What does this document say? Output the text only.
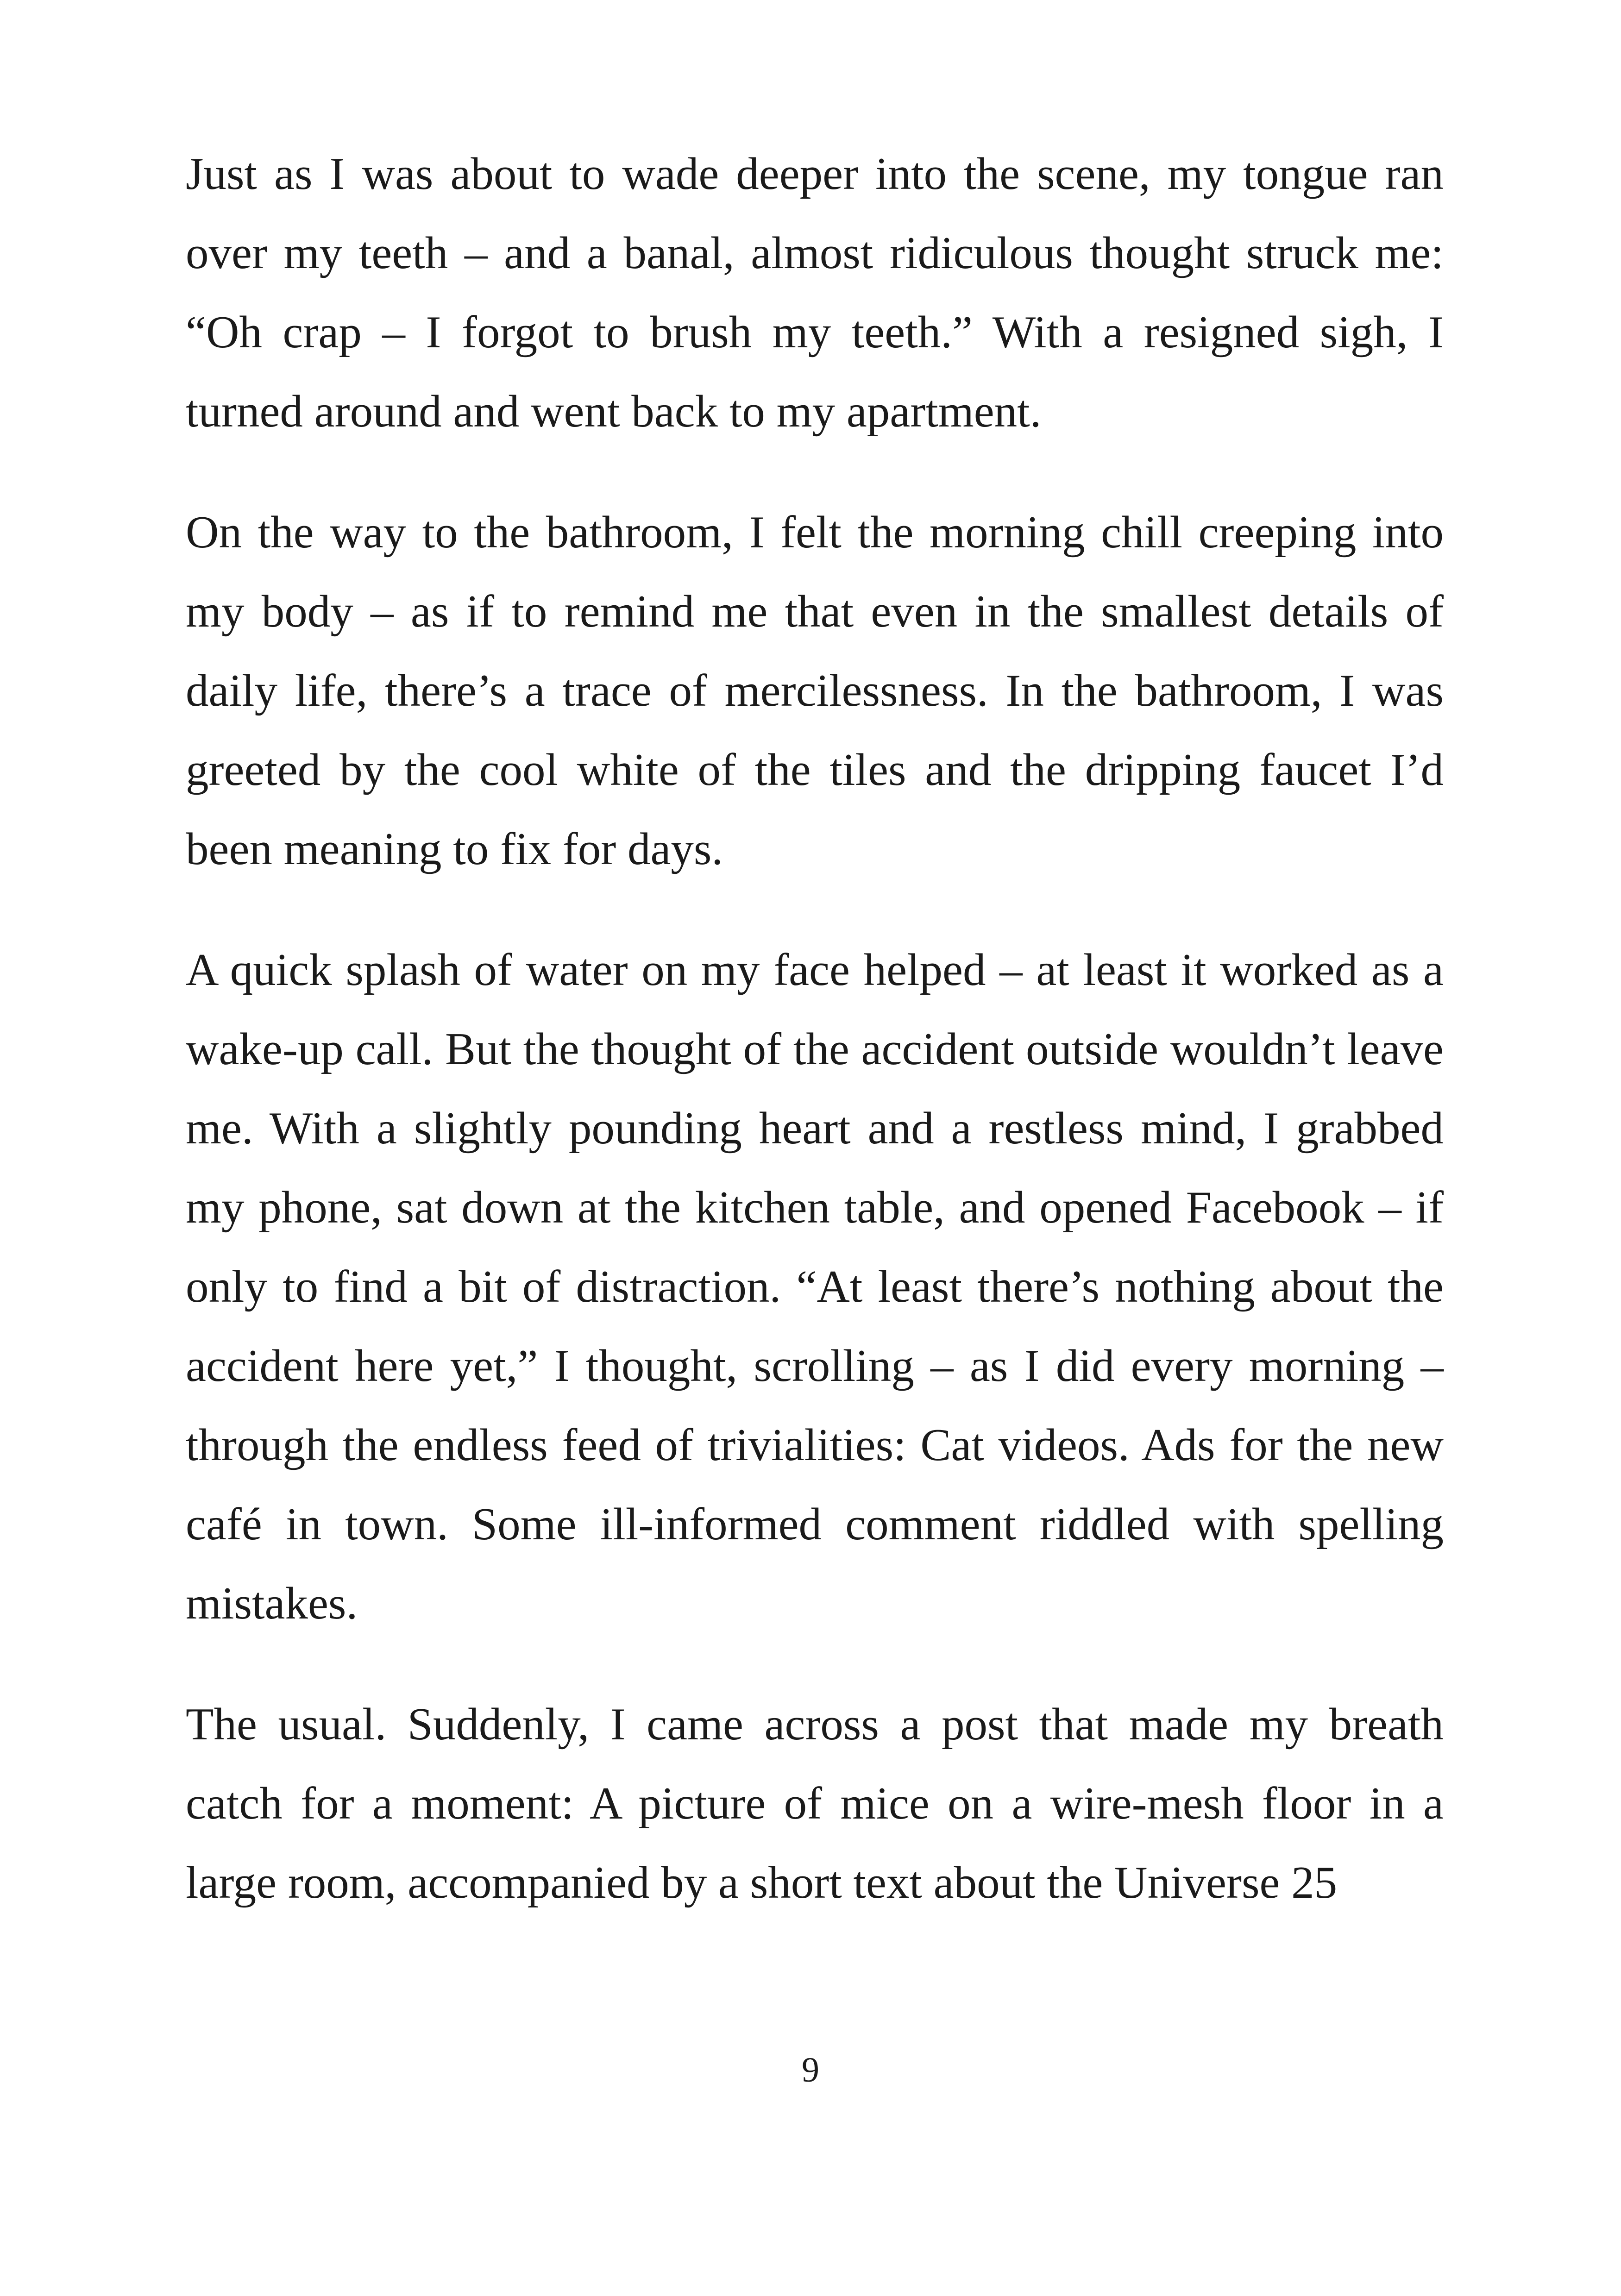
Just as I was about to wade deeper into the scene, my tongue ran over my teeth – and a banal, almost ridiculous thought struck me: “Oh crap – I forgot to brush my teeth.” With a resigned sigh, I turned around and went back to my apartment.

On the way to the bathroom, I felt the morning chill creeping into my body – as if to remind me that even in the smallest details of daily life, there’s a trace of mercilessness. In the bathroom, I was greeted by the cool white of the tiles and the dripping faucet I’d been meaning to fix for days.

A quick splash of water on my face helped – at least it worked as a wake-up call. But the thought of the accident outside wouldn’t leave me. With a slightly pounding heart and a restless mind, I grabbed my phone, sat down at the kitchen table, and opened Facebook – if only to find a bit of distraction. “At least there’s nothing about the accident here yet,” I thought, scrolling – as I did every morning – through the endless feed of trivialities: Cat videos. Ads for the new café in town. Some ill-informed comment riddled with spelling mistakes.

The usual. Suddenly, I came across a post that made my breath catch for a moment: A picture of mice on a wire-mesh floor in a large room, accompanied by a short text about the Universe 25

9
